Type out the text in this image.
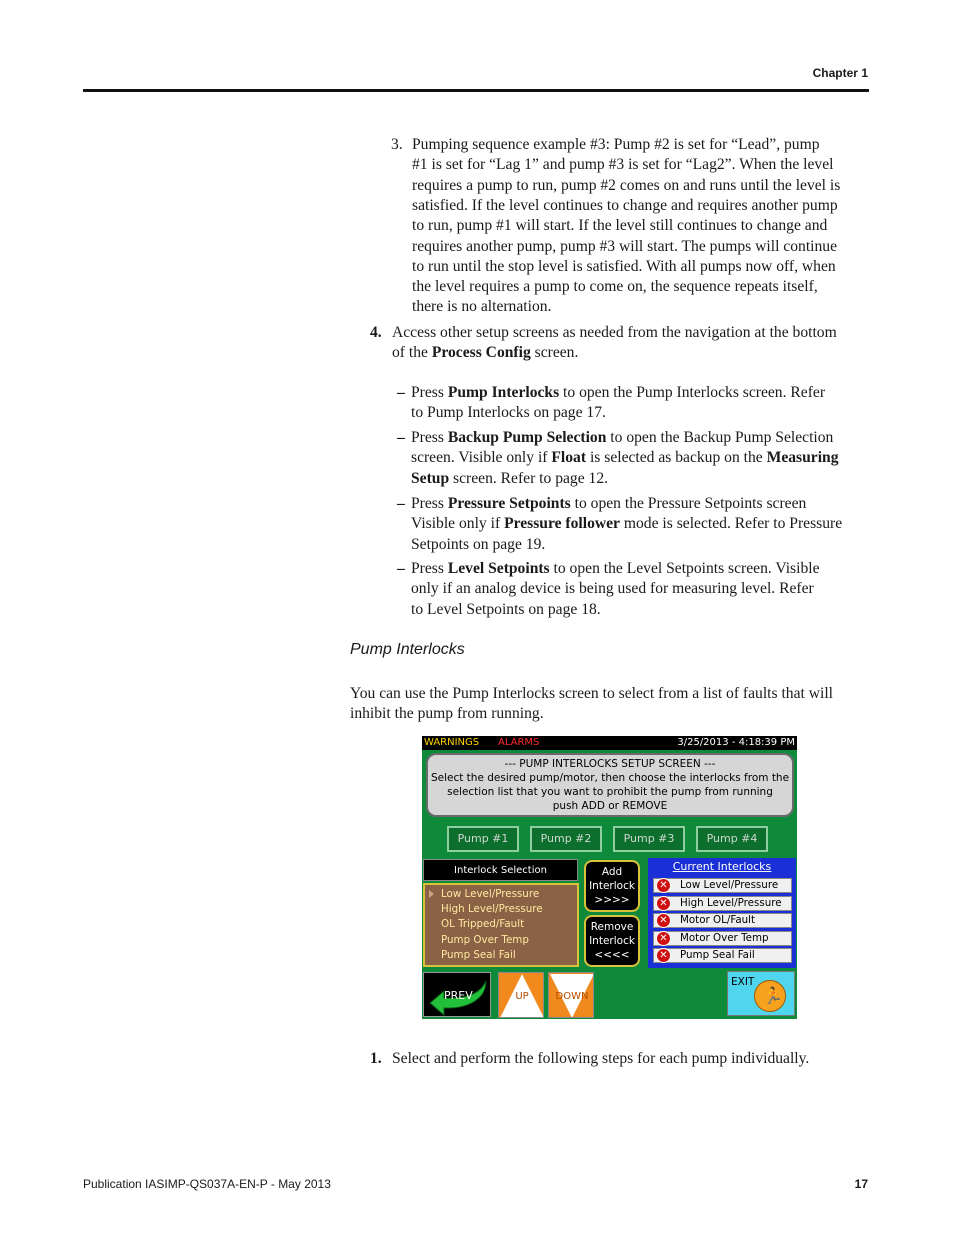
Chapter 1
3. Pumping sequence example #3: Pump #2 is set for “Lead”, pump

#1 is set for “Lag 1” and pump #3 is set for “Lag2”. When the level

requires a pump to run, pump #2 comes on and runs until the level is

satisfied. If the level continues to change and requires another pump

to run, pump #1 will start. If the level still continues to change and

requires another pump, pump #3 will start. The pumps will continue

to run until the stop level is satisfied. With all pumps now off, when

the level requires a pump to come on, the sequence repeats itself,

there is no alternation.

4. Access other setup screens as needed from the navigation at the bottom

of the Process Config screen.

– Press Pump Interlocks to open the Pump Interlocks screen. Refer

to Pump Interlocks on page 17.

– Press Backup Pump Selection to open the Backup Pump Selection

screen. Visible only if Float is selected as backup on the Measuring

Setup screen. Refer to page 12.

– Press Pressure Setpoints to open the Pressure Setpoints screen

Visible only if Pressure follower mode is selected. Refer to Pressure

Setpoints on page 19.

– Press Level Setpoints to open the Level Setpoints screen. Visible

only if an analog device is being used for measuring level. Refer

to Level Setpoints on page 18.

Pump Interlocks

You can use the Pump Interlocks screen to select from a list of faults that will

inhibit the pump from running.

WARNINGS ALARMS	3/25/2013 - 4:18:39 PM
--- PUMP INTERLOCKS SETUP SCREEN ---
Select the desired pump/motor, then choose the interlocks from the
selection list that you want to prohibit the pump from running
push ADD or REMOVE
Pump #1	Pump #2	Pump #3	Pump #4
Interlock Selection
Low Level/Pressure
High Level/Pressure
OL Tripped/Fault
Pump Over Temp
Pump Seal Fail
Add
Interlock
>>>>
Remove
Interlock
<<<<
Current Interlocks
✕	Low Level/Pressure
✕	High Level/Pressure
✕	Motor OL/Fault
✕	Motor Over Temp
✕	Pump Seal Fail
PREV	UP	DOWN
EXIT
🏃
1. Select and perform the following steps for each pump individually.

Publication IASIMP-QS037A-EN-P - May 2013	17
